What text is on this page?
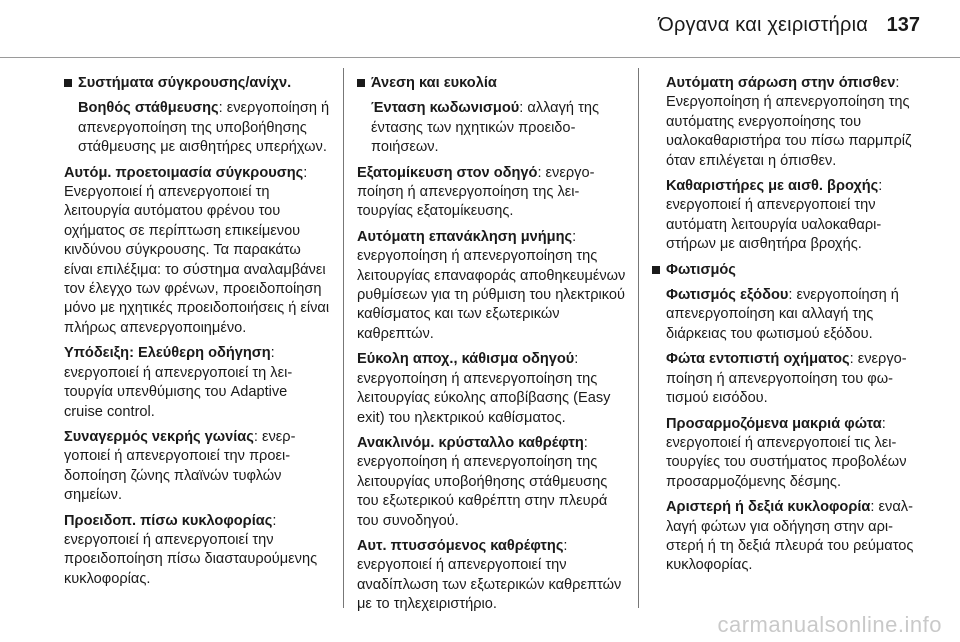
Όργανα και χειριστήρια 137
Συστήματα σύγκρουσης/ανίχν.
Βοηθός στάθμευσης: ενεργοποίηση ή απενεργοποίηση της υποβοήθησης στάθμευσης με αισθητήρες υπερήχων.
Αυτόμ. προετοιμασία σύγκρουσης: Ενεργοποιεί ή απενεργοποιεί τη λειτουργία αυτόματου φρένου του οχήματος σε περίπτωση επικείμενου κινδύνου σύγκρουσης. Τα παρακάτω είναι επιλέξιμα: το σύστημα αναλαμβάνει τον έλεγχο των φρένων, προειδοποίηση μόνο με ηχητικές προειδοποιήσεις ή είναι πλήρως απενεργοποιημένο.
Υπόδειξη: Ελεύθερη οδήγηση: ενεργοποιεί ή απενεργοποιεί τη λειτουργία υπενθύμισης του Adaptive cruise control.
Συναγερμός νεκρής γωνίας: ενεργοποιεί ή απενεργοποιεί την προειδοποίηση ζώνης πλαϊνών τυφλών σημείων.
Προειδοπ. πίσω κυκλοφορίας: ενεργοποιεί ή απενεργοποιεί την προειδοποίηση πίσω διασταυρούμενης κυκλοφορίας.
Άνεση και ευκολία
Ένταση κωδωνισμού: αλλαγή της έντασης των ηχητικών προειδοποιήσεων.
Εξατομίκευση στον οδηγό: ενεργοποίηση ή απενεργοποίηση της λειτουργίας εξατομίκευσης.
Αυτόματη επανάκληση μνήμης: ενεργοποίηση ή απενεργοποίηση της λειτουργίας επαναφοράς αποθηκευμένων ρυθμίσεων για τη ρύθμιση του ηλεκτρικού καθίσματος και των εξωτερικών καθρεπτών.
Εύκολη αποχ., κάθισμα οδηγού: ενεργοποίηση ή απενεργοποίηση της λειτουργίας εύκολης αποβίβασης (Easy exit) του ηλεκτρικού καθίσματος.
Ανακλινόμ. κρύσταλλο καθρέφτη: ενεργοποίηση ή απενεργοποίηση της λειτουργίας υποβοήθησης στάθμευσης του εξωτερικού καθρέπτη στην πλευρά του συνοδηγού.
Αυτ. πτυσσόμενος καθρέφτης: ενεργοποιεί ή απενεργοποιεί την αναδίπλωση των εξωτερικών καθρεπτών με το τηλεχειριστήριο.
Αυτόματη σάρωση στην όπισθεν: Ενεργοποίηση ή απενεργοποίηση της αυτόματης ενεργοποίησης του υαλοκαθαριστήρα του πίσω παρμπρίζ όταν επιλέγεται η όπισθεν.
Καθαριστήρες με αισθ. βροχής: ενεργοποιεί ή απενεργοποιεί την αυτόματη λειτουργία υαλοκαθαριστήρων με αισθητήρα βροχής.
Φωτισμός
Φωτισμός εξόδου: ενεργοποίηση ή απενεργοποίηση και αλλαγή της διάρκειας του φωτισμού εξόδου.
Φώτα εντοπιστή οχήματος: ενεργοποίηση ή απενεργοποίηση του φωτισμού εισόδου.
Προσαρμοζόμενα μακριά φώτα: ενεργοποιεί ή απενεργοποιεί τις λειτουργίες του συστήματος προβολέων προσαρμοζόμενης δέσμης.
Αριστερή ή δεξιά κυκλοφορία: εναλλαγή φώτων για οδήγηση στην αριστερή ή τη δεξιά πλευρά του ρεύματος κυκλοφορίας.
carmanualsonline.info
